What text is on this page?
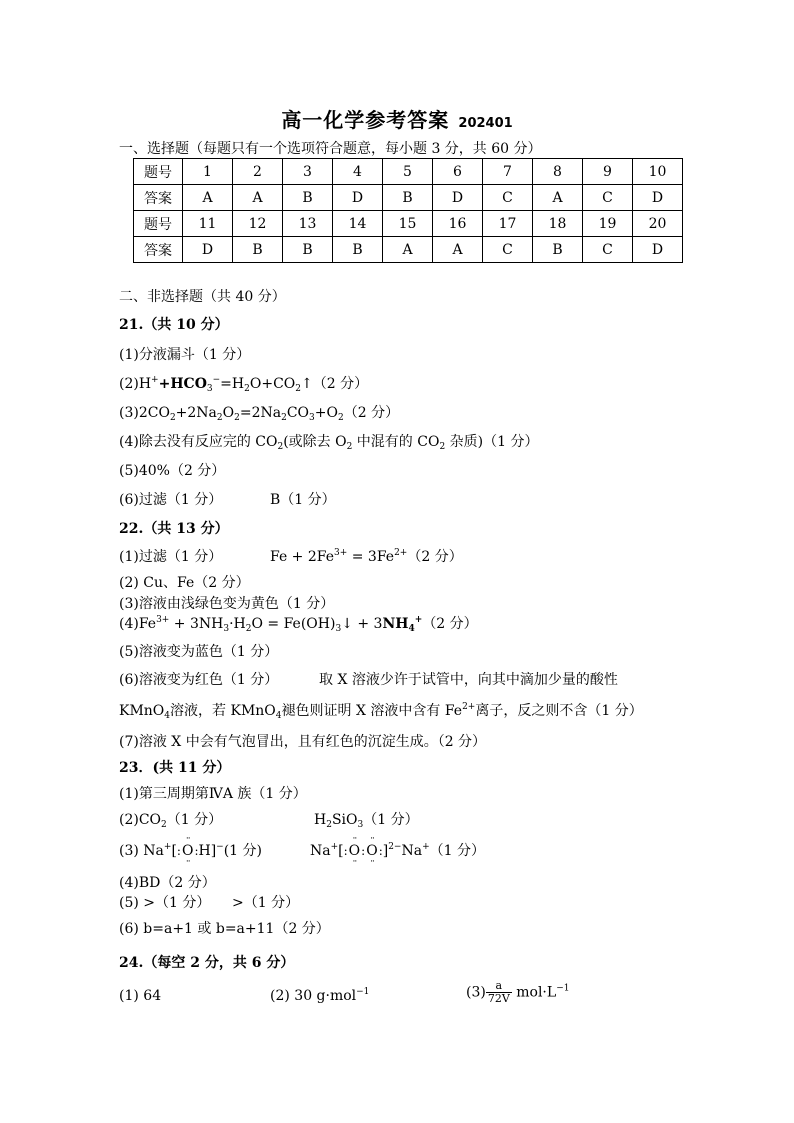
高一化学参考答案 202401
一、选择题（每题只有一个选项符合题意，每小题 3 分，共 60 分）
题号	1	2	3	4	5	6	7	8	9	10
答案	A	A	B	D	B	D	C	A	C	D
题号	11	12	13	14	15	16	17	18	19	20
答案	D	B	B	B	A	A	C	B	C	D
二、非选择题（共 40 分）
21.（共 10 分）
(1)分液漏斗（1 分）
$(2)H^++HCO_3^-=H_2O+CO_2↑(2$ 分）
$(3)2CO_2+2Na_2O_2=2Na_2CO_3+O_2(2$ 分）
(4)除去没有反应完的 $CO_2$(或除去 $O_2$ 中混有的 $CO_2$ 杂质)（1 分）
(5)40%（2 分）
(6)过滤（1 分）	B（1 分）
22.（共 13 分）
(1)过滤（1 分）	$Fe + 2Fe^{3+} = 3Fe^{2+}(2$ 分）
(2) Cu、Fe（2 分）
(3)溶液由浅绿色变为黄色（1 分）
$(4)Fe^{3+} + 3NH_3\cdot H_2O$ = $Fe(OH)_3↓ + 3NH_4^+(2$ 分）
(5)溶液变为蓝色（1 分）
(6)溶液变为红色（1 分）	取 X 溶液少许于试管中，向其中滴加少量的酸性
KMnO$_4$溶液，若 KMnO$_4$褪色则证明 X 溶液中含有 $Fe^{2+}$离子，反之则不含（1 分）
(7)溶液 X 中会有气泡冒出，且有红色的沉淀生成。（2 分）
23．(共 11 分）
(1)第三周期第ⅣA 族（1 分）
$(2)CO_2(1$ 分）	$H_2SiO_3(1$ 分）
(3) Na+[:·· O ··:H]−(1 分)	Na+[:·· O ··:·· O ··:]$^{2-}$Na+（1 分）
(4)BD（2 分）
(5) >（1 分） >（1 分）
(6) b=a+1 或 b=a+11（2 分）
24.（每空 2 分，共 6 分）
(1) 64	(2) 30 g·mol$^{-1}$	$(3) \frac{a}{72V} mol\cdot L^{-1}$
